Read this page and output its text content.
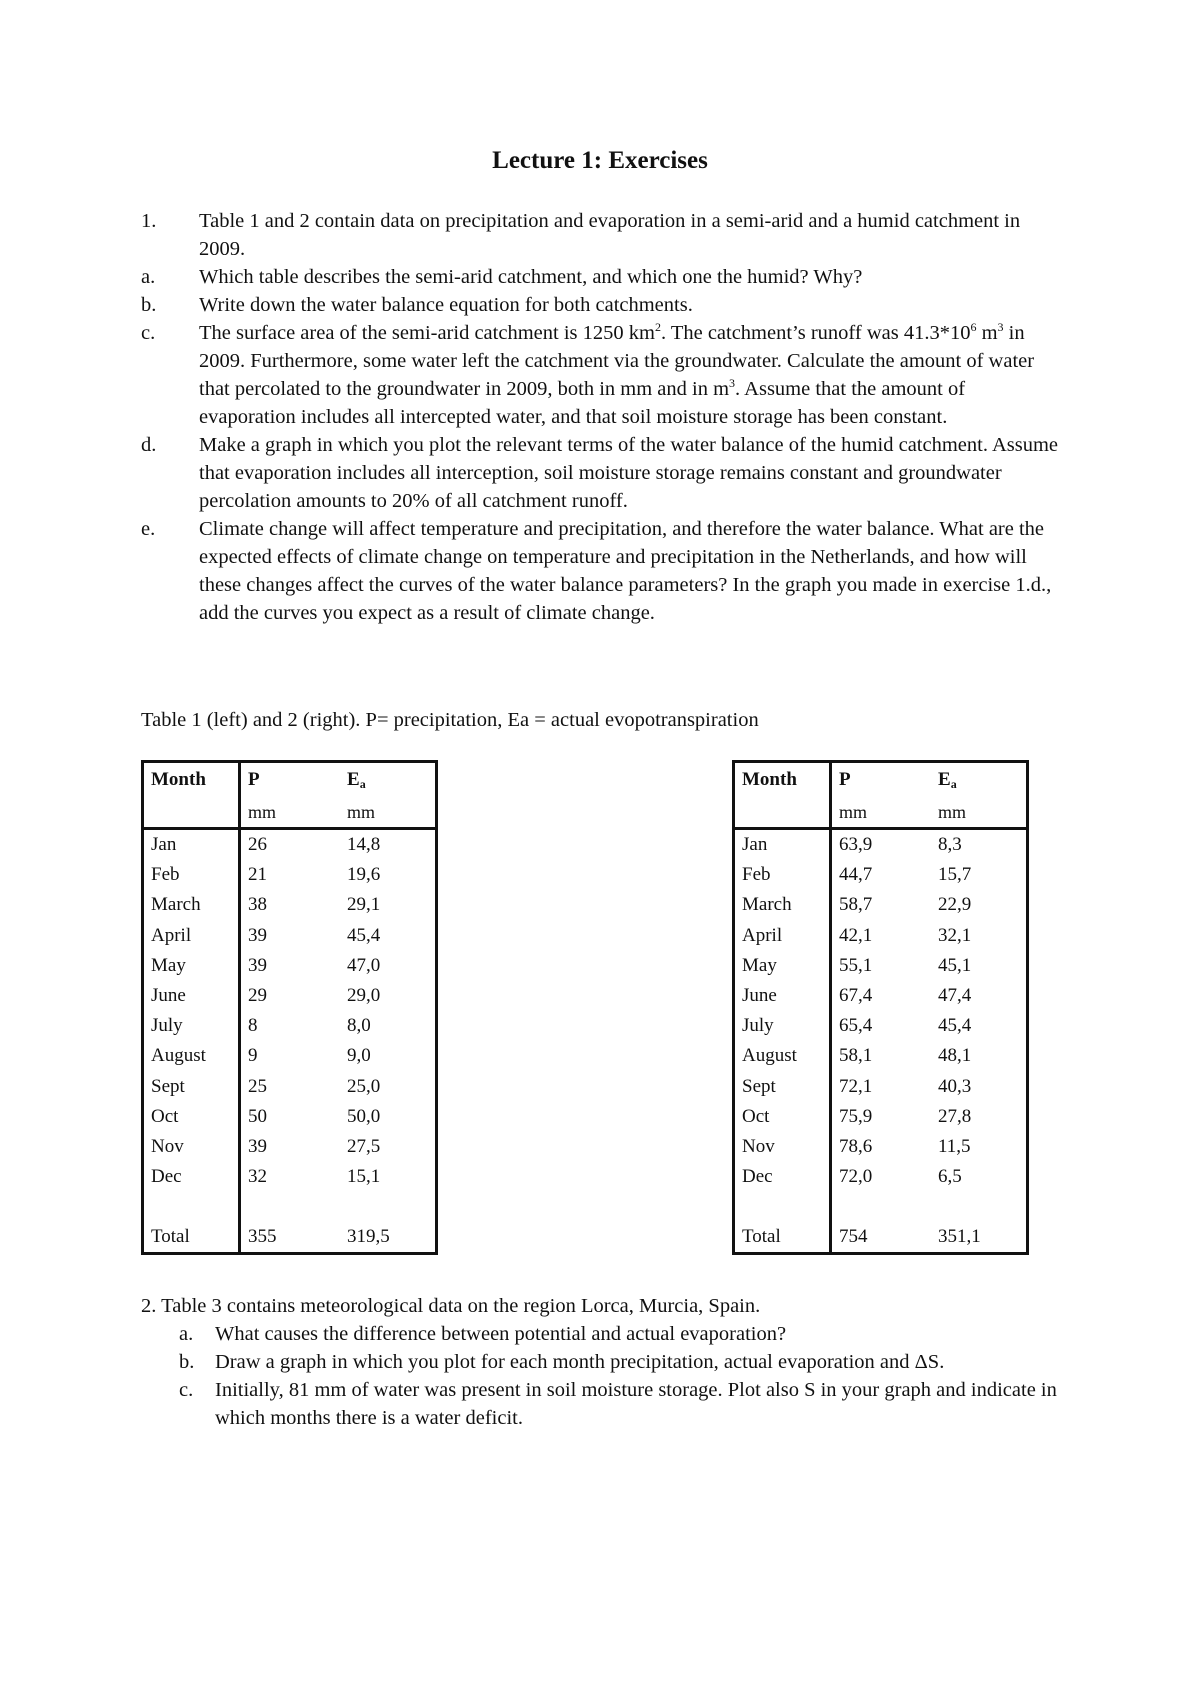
Lecture 1: Exercises
1.	Table 1 and 2 contain data on precipitation and evaporation in a semi-arid and a humid catchment in 2009.
a.	Which table describes the semi-arid catchment, and which one the humid? Why?
b.	Write down the water balance equation for both catchments.
c.	The surface area of the semi-arid catchment is 1250 $km^2$. The catchment’s runoff was $41.3*10^6$ $m^3$ in 2009. Furthermore, some water left the catchment via the groundwater. Calculate the amount of water that percolated to the groundwater in 2009, both in mm and in $m^3$. Assume that the amount of evaporation includes all intercepted water, and that soil moisture storage has been constant.
d.	Make a graph in which you plot the relevant terms of the water balance of the humid catchment. Assume that evaporation includes all interception, soil moisture storage remains constant and groundwater percolation amounts to 20% of all catchment runoff.
e.	Climate change will affect temperature and precipitation, and therefore the water balance. What are the expected effects of climate change on temperature and precipitation in the Netherlands, and how will these changes affect the curves of the water balance parameters? In the graph you made in exercise 1.d., add the curves you expect as a result of climate change.
Table 1 (left) and 2 (right). P= precipitation, Ea = actual evopotranspiration
Month	P	$E_a$
	mm	mm
Jan	26	14,8
Feb	21	19,6
March	38	29,1
April	39	45,4
May	39	47,0
June	29	29,0
July	8	8,0
August	9	9,0
Sept	25	25,0
Oct	50	50,0
Nov	39	27,5
Dec	32	15,1

Total	355	319,5
Month	P	$E_a$
	mm	mm
Jan	63,9	8,3
Feb	44,7	15,7
March	58,7	22,9
April	42,1	32,1
May	55,1	45,1
June	67,4	47,4
July	65,4	45,4
August	58,1	48,1
Sept	72,1	40,3
Oct	75,9	27,8
Nov	78,6	11,5
Dec	72,0	6,5

Total	754	351,1
2. Table 3 contains meteorological data on the region Lorca, Murcia, Spain.
a.	What causes the difference between potential and actual evaporation?
b.	Draw a graph in which you plot for each month precipitation, actual evaporation and ΔS.
c.	Initially, 81 mm of water was present in soil moisture storage. Plot also S in your graph and indicate in which months there is a water deficit.
